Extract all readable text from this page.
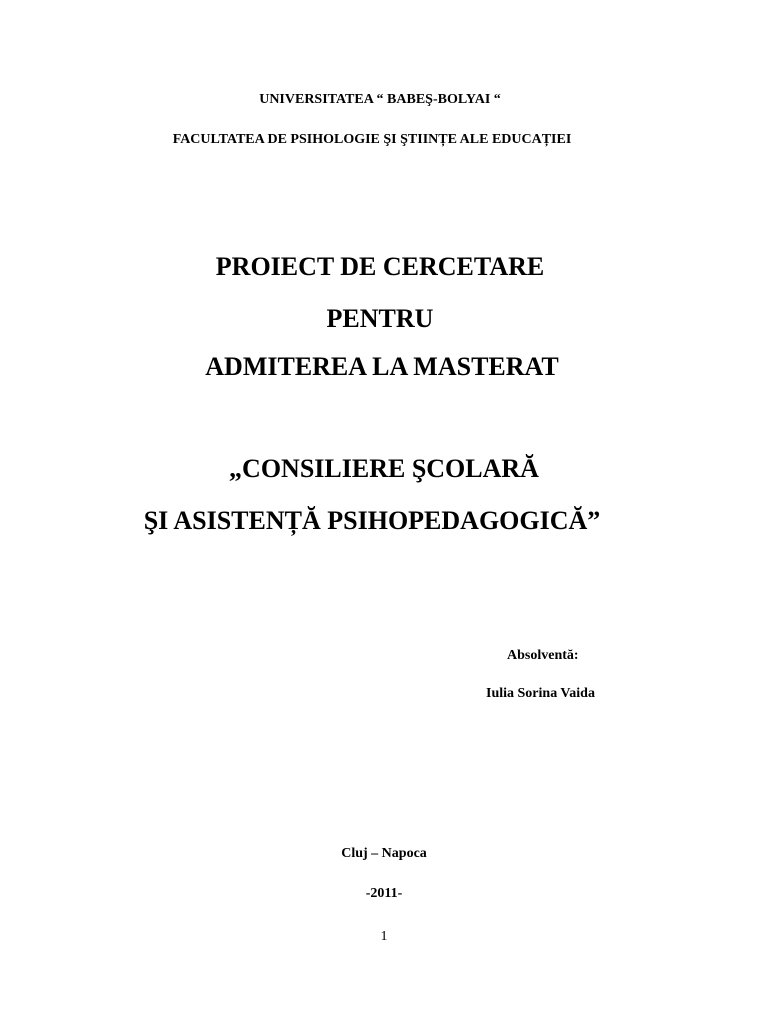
UNIVERSITATEA “ BABEŞ-BOLYAI “
FACULTATEA DE PSIHOLOGIE ŞI ŞTIINȚE ALE EDUCAȚIEI
PROIECT DE CERCETARE
PENTRU
ADMITEREA LA MASTERAT
„CONSILIERE ŞCOLARĂ
ŞI ASISTENȚĂ PSIHOPEDAGOGICĂ”
Absolventă:
Iulia Sorina Vaida
Cluj – Napoca
-2011-
1
